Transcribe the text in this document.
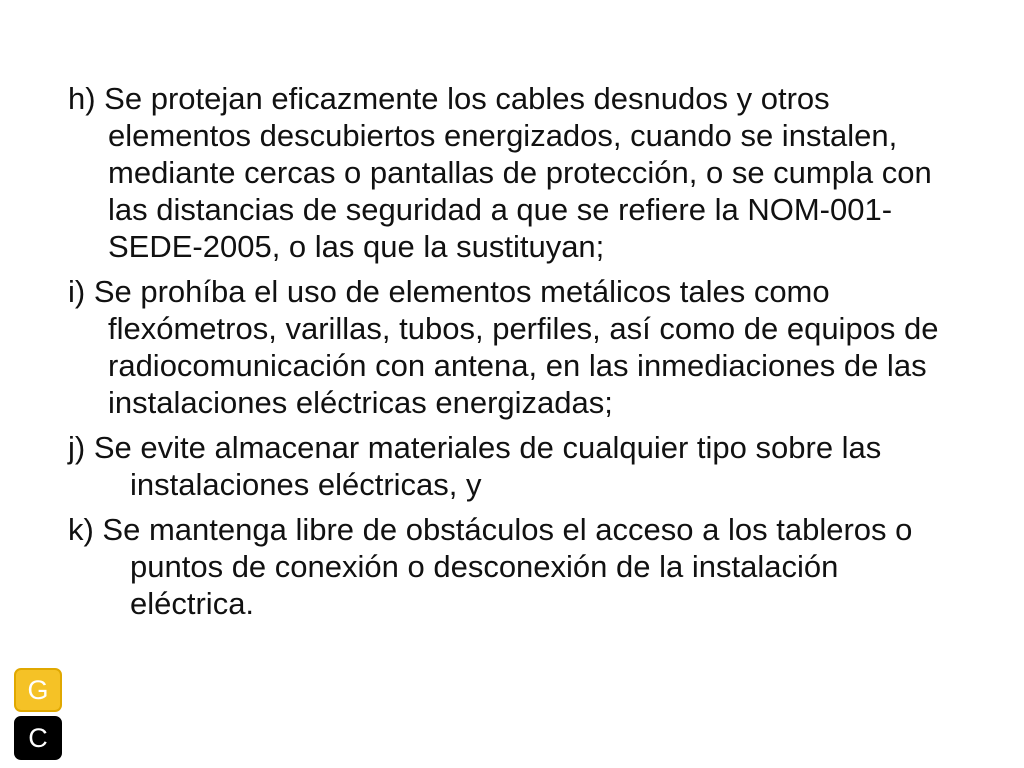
h) Se protejan eficazmente los cables desnudos y otros elementos descubiertos energizados, cuando se instalen, mediante cercas o pantallas de protección, o se cumpla con las distancias de seguridad a que se refiere la NOM-001-SEDE-2005, o las que la sustituyan;

i) Se prohíba el uso de elementos metálicos tales como flexómetros, varillas, tubos, perfiles, así como de equipos de radiocomunicación con antena, en las inmediaciones de las instalaciones eléctricas energizadas;

j) Se evite almacenar materiales de cualquier tipo sobre las instalaciones eléctricas, y

k) Se mantenga libre de obstáculos el acceso a los tableros o puntos de conexión o desconexión de la instalación eléctrica.

G
C
